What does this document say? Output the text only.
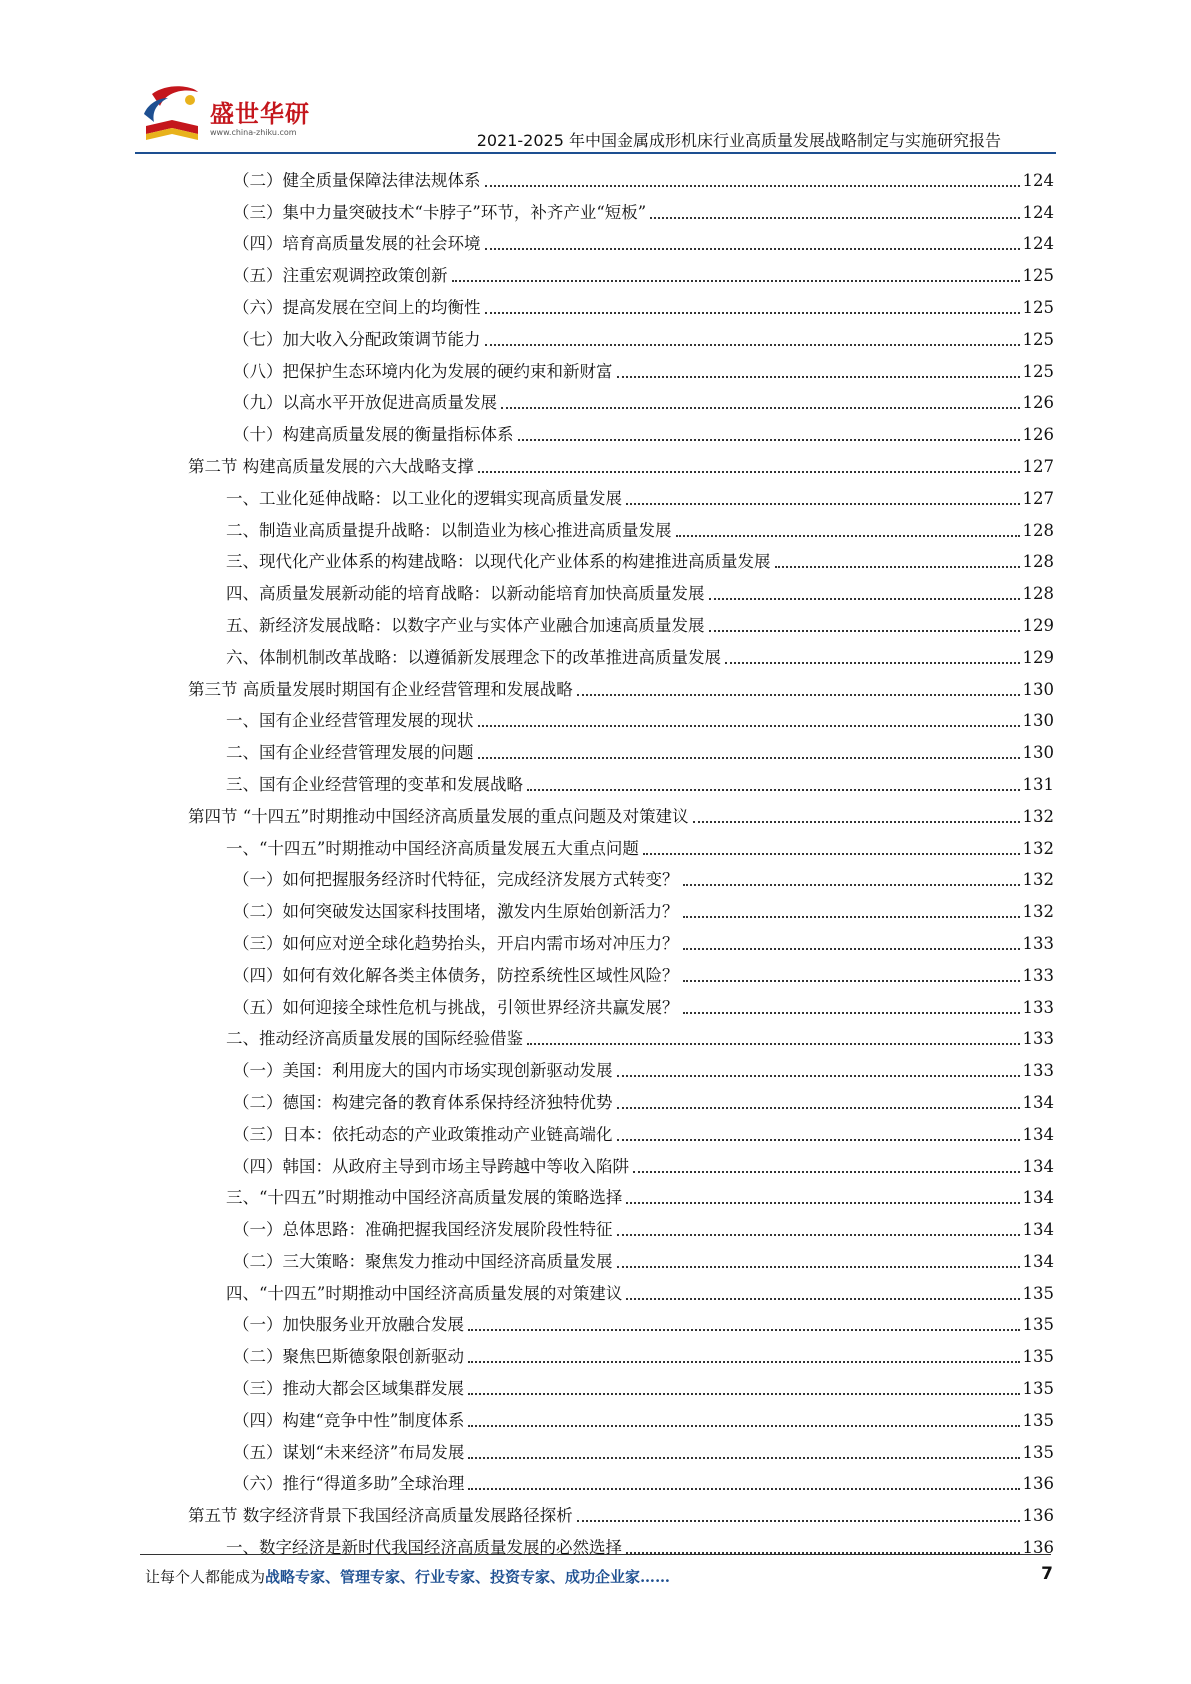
盛世华研
www.china-zhiku.com	2021-2025 年中国金属成形机床行业高质量发展战略制定与实施研究报告
（二）健全质量保障法律法规体系	124
（三）集中力量突破技术“卡脖子”环节，补齐产业“短板”	124
（四）培育高质量发展的社会环境	124
（五）注重宏观调控政策创新	125
（六）提高发展在空间上的均衡性	125
（七）加大收入分配政策调节能力	125
（八）把保护生态环境内化为发展的硬约束和新财富	125
（九）以高水平开放促进高质量发展	126
（十）构建高质量发展的衡量指标体系	126
第二节 构建高质量发展的六大战略支撑	127
一、工业化延伸战略：以工业化的逻辑实现高质量发展	127
二、制造业高质量提升战略：以制造业为核心推进高质量发展	128
三、现代化产业体系的构建战略：以现代化产业体系的构建推进高质量发展	128
四、高质量发展新动能的培育战略：以新动能培育加快高质量发展	128
五、新经济发展战略：以数字产业与实体产业融合加速高质量发展	129
六、体制机制改革战略：以遵循新发展理念下的改革推进高质量发展	129
第三节 高质量发展时期国有企业经营管理和发展战略	130
一、国有企业经营管理发展的现状	130
二、国有企业经营管理发展的问题	130
三、国有企业经营管理的变革和发展战略	131
第四节 “十四五”时期推动中国经济高质量发展的重点问题及对策建议	132
一、“十四五”时期推动中国经济高质量发展五大重点问题	132
（一）如何把握服务经济时代特征，完成经济发展方式转变？	132
（二）如何突破发达国家科技围堵，激发内生原始创新活力？	132
（三）如何应对逆全球化趋势抬头，开启内需市场对冲压力？	133
（四）如何有效化解各类主体债务，防控系统性区域性风险？	133
（五）如何迎接全球性危机与挑战，引领世界经济共赢发展？	133
二、推动经济高质量发展的国际经验借鉴	133
（一）美国：利用庞大的国内市场实现创新驱动发展	133
（二）德国：构建完备的教育体系保持经济独特优势	134
（三）日本：依托动态的产业政策推动产业链高端化	134
（四）韩国：从政府主导到市场主导跨越中等收入陷阱	134
三、“十四五”时期推动中国经济高质量发展的策略选择	134
（一）总体思路：准确把握我国经济发展阶段性特征	134
（二）三大策略：聚焦发力推动中国经济高质量发展	134
四、“十四五”时期推动中国经济高质量发展的对策建议	135
（一）加快服务业开放融合发展	135
（二）聚焦巴斯德象限创新驱动	135
（三）推动大都会区域集群发展	135
（四）构建“竞争中性”制度体系	135
（五）谋划“未来经济”布局发展	135
（六）推行“得道多助”全球治理	136
第五节 数字经济背景下我国经济高质量发展路径探析	136
一、数字经济是新时代我国经济高质量发展的必然选择	136
让每个人都能成为战略专家、管理专家、行业专家、投资专家、成功企业家……	7
